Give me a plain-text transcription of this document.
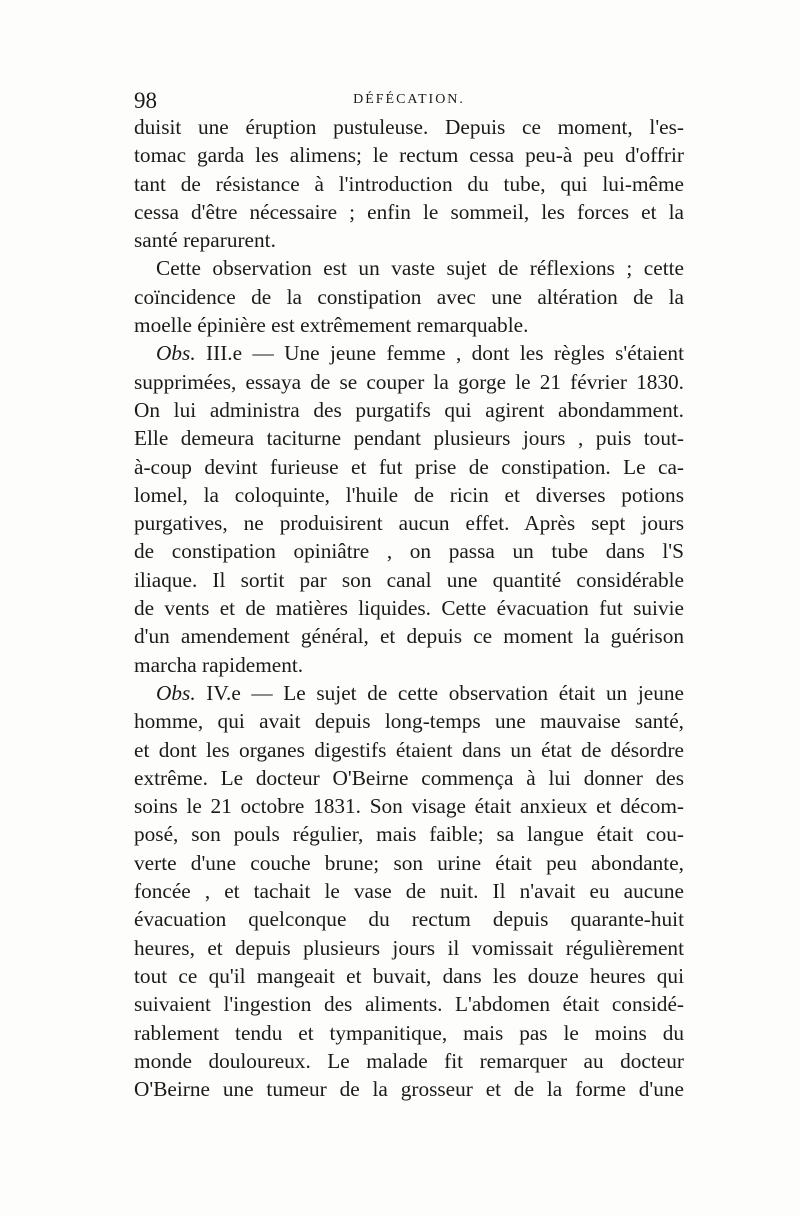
98	DÉFÉCATION.
duisit une éruption pustuleuse. Depuis ce moment, l'es-
tomac garda les alimens; le rectum cessa peu-à peu d'offrir
tant de résistance à l'introduction du tube, qui lui-même
cessa d'être nécessaire ; enfin le sommeil, les forces et la
santé reparurent.
Cette observation est un vaste sujet de réflexions ; cette
coïncidence de la constipation avec une altération de la
moelle épinière est extrêmement remarquable.
Obs. III.e — Une jeune femme , dont les règles s'étaient
supprimées, essaya de se couper la gorge le 21 février 1830.
On lui administra des purgatifs qui agirent abondamment.
Elle demeura taciturne pendant plusieurs jours , puis tout-
à-coup devint furieuse et fut prise de constipation. Le ca-
lomel, la coloquinte, l'huile de ricin et diverses potions
purgatives, ne produisirent aucun effet. Après sept jours
de constipation opiniâtre , on passa un tube dans l'S
iliaque. Il sortit par son canal une quantité considérable
de vents et de matières liquides. Cette évacuation fut suivie
d'un amendement général, et depuis ce moment la guérison
marcha rapidement.
Obs. IV.e — Le sujet de cette observation était un jeune
homme, qui avait depuis long-temps une mauvaise santé,
et dont les organes digestifs étaient dans un état de désordre
extrême. Le docteur O'Beirne commença à lui donner des
soins le 21 octobre 1831. Son visage était anxieux et décom-
posé, son pouls régulier, mais faible; sa langue était cou-
verte d'une couche brune; son urine était peu abondante,
foncée , et tachait le vase de nuit. Il n'avait eu aucune
évacuation quelconque du rectum depuis quarante-huit
heures, et depuis plusieurs jours il vomissait régulièrement
tout ce qu'il mangeait et buvait, dans les douze heures qui
suivaient l'ingestion des aliments. L'abdomen était considé-
rablement tendu et tympanitique, mais pas le moins du
monde douloureux. Le malade fit remarquer au docteur
O'Beirne une tumeur de la grosseur et de la forme d'une
